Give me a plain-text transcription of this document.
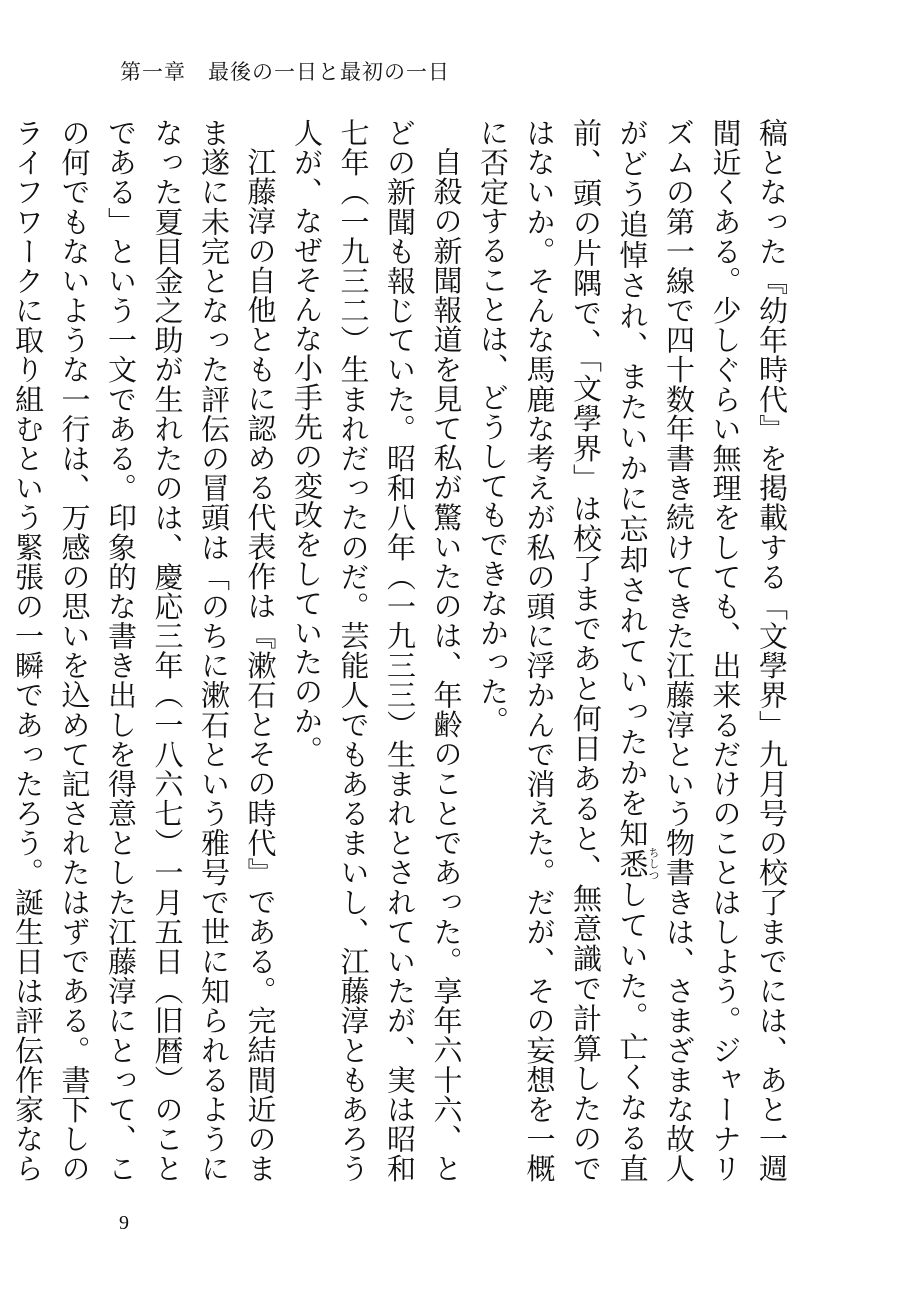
第一章 最後の一日と最初の一日

稿となった『幼年時代』を掲載する「文學界」九月号の校了までには、あと一週間近くある。少しぐらい無理をしても、出来るだけのことはしよう。ジャーナリズムの第一線で四十数年書き続けてきた江藤淳という物書きは、さまざまな故人がどう追悼され、またいかに忘却されていったかを知悉ちしつしていた。亡くなる直前、頭の片隅で、「文學界」は校了まであと何日あると、無意識で計算したのではないか。そんな馬鹿な考えが私の頭に浮かんで消えた。だが、その妄想を一概に否定することは、どうしてもできなかった。

自殺の新聞報道を見て私が驚いたのは、年齢のことであった。享年六十六、とどの新聞も報じていた。昭和八年（一九三三）生まれとされていたが、実は昭和七年（一九三二）生まれだったのだ。芸能人でもあるまいし、江藤淳ともあろう人が、なぜそんな小手先の変改をしていたのか。

江藤淳の自他ともに認める代表作は『漱石とその時代』である。完結間近のまま遂に未完となった評伝の冒頭は「のちに漱石という雅号で世に知られるようになった夏目金之助が生れたのは、慶応三年（一八六七）一月五日（旧暦）のことである」という一文である。印象的な書き出しを得意とした江藤淳にとって、この何でもないような一行は、万感の思いを込めて記されたはずである。書下しのライフワークに取り組むという緊張の一瞬であったろう。誕生日は評伝作家なら

9
